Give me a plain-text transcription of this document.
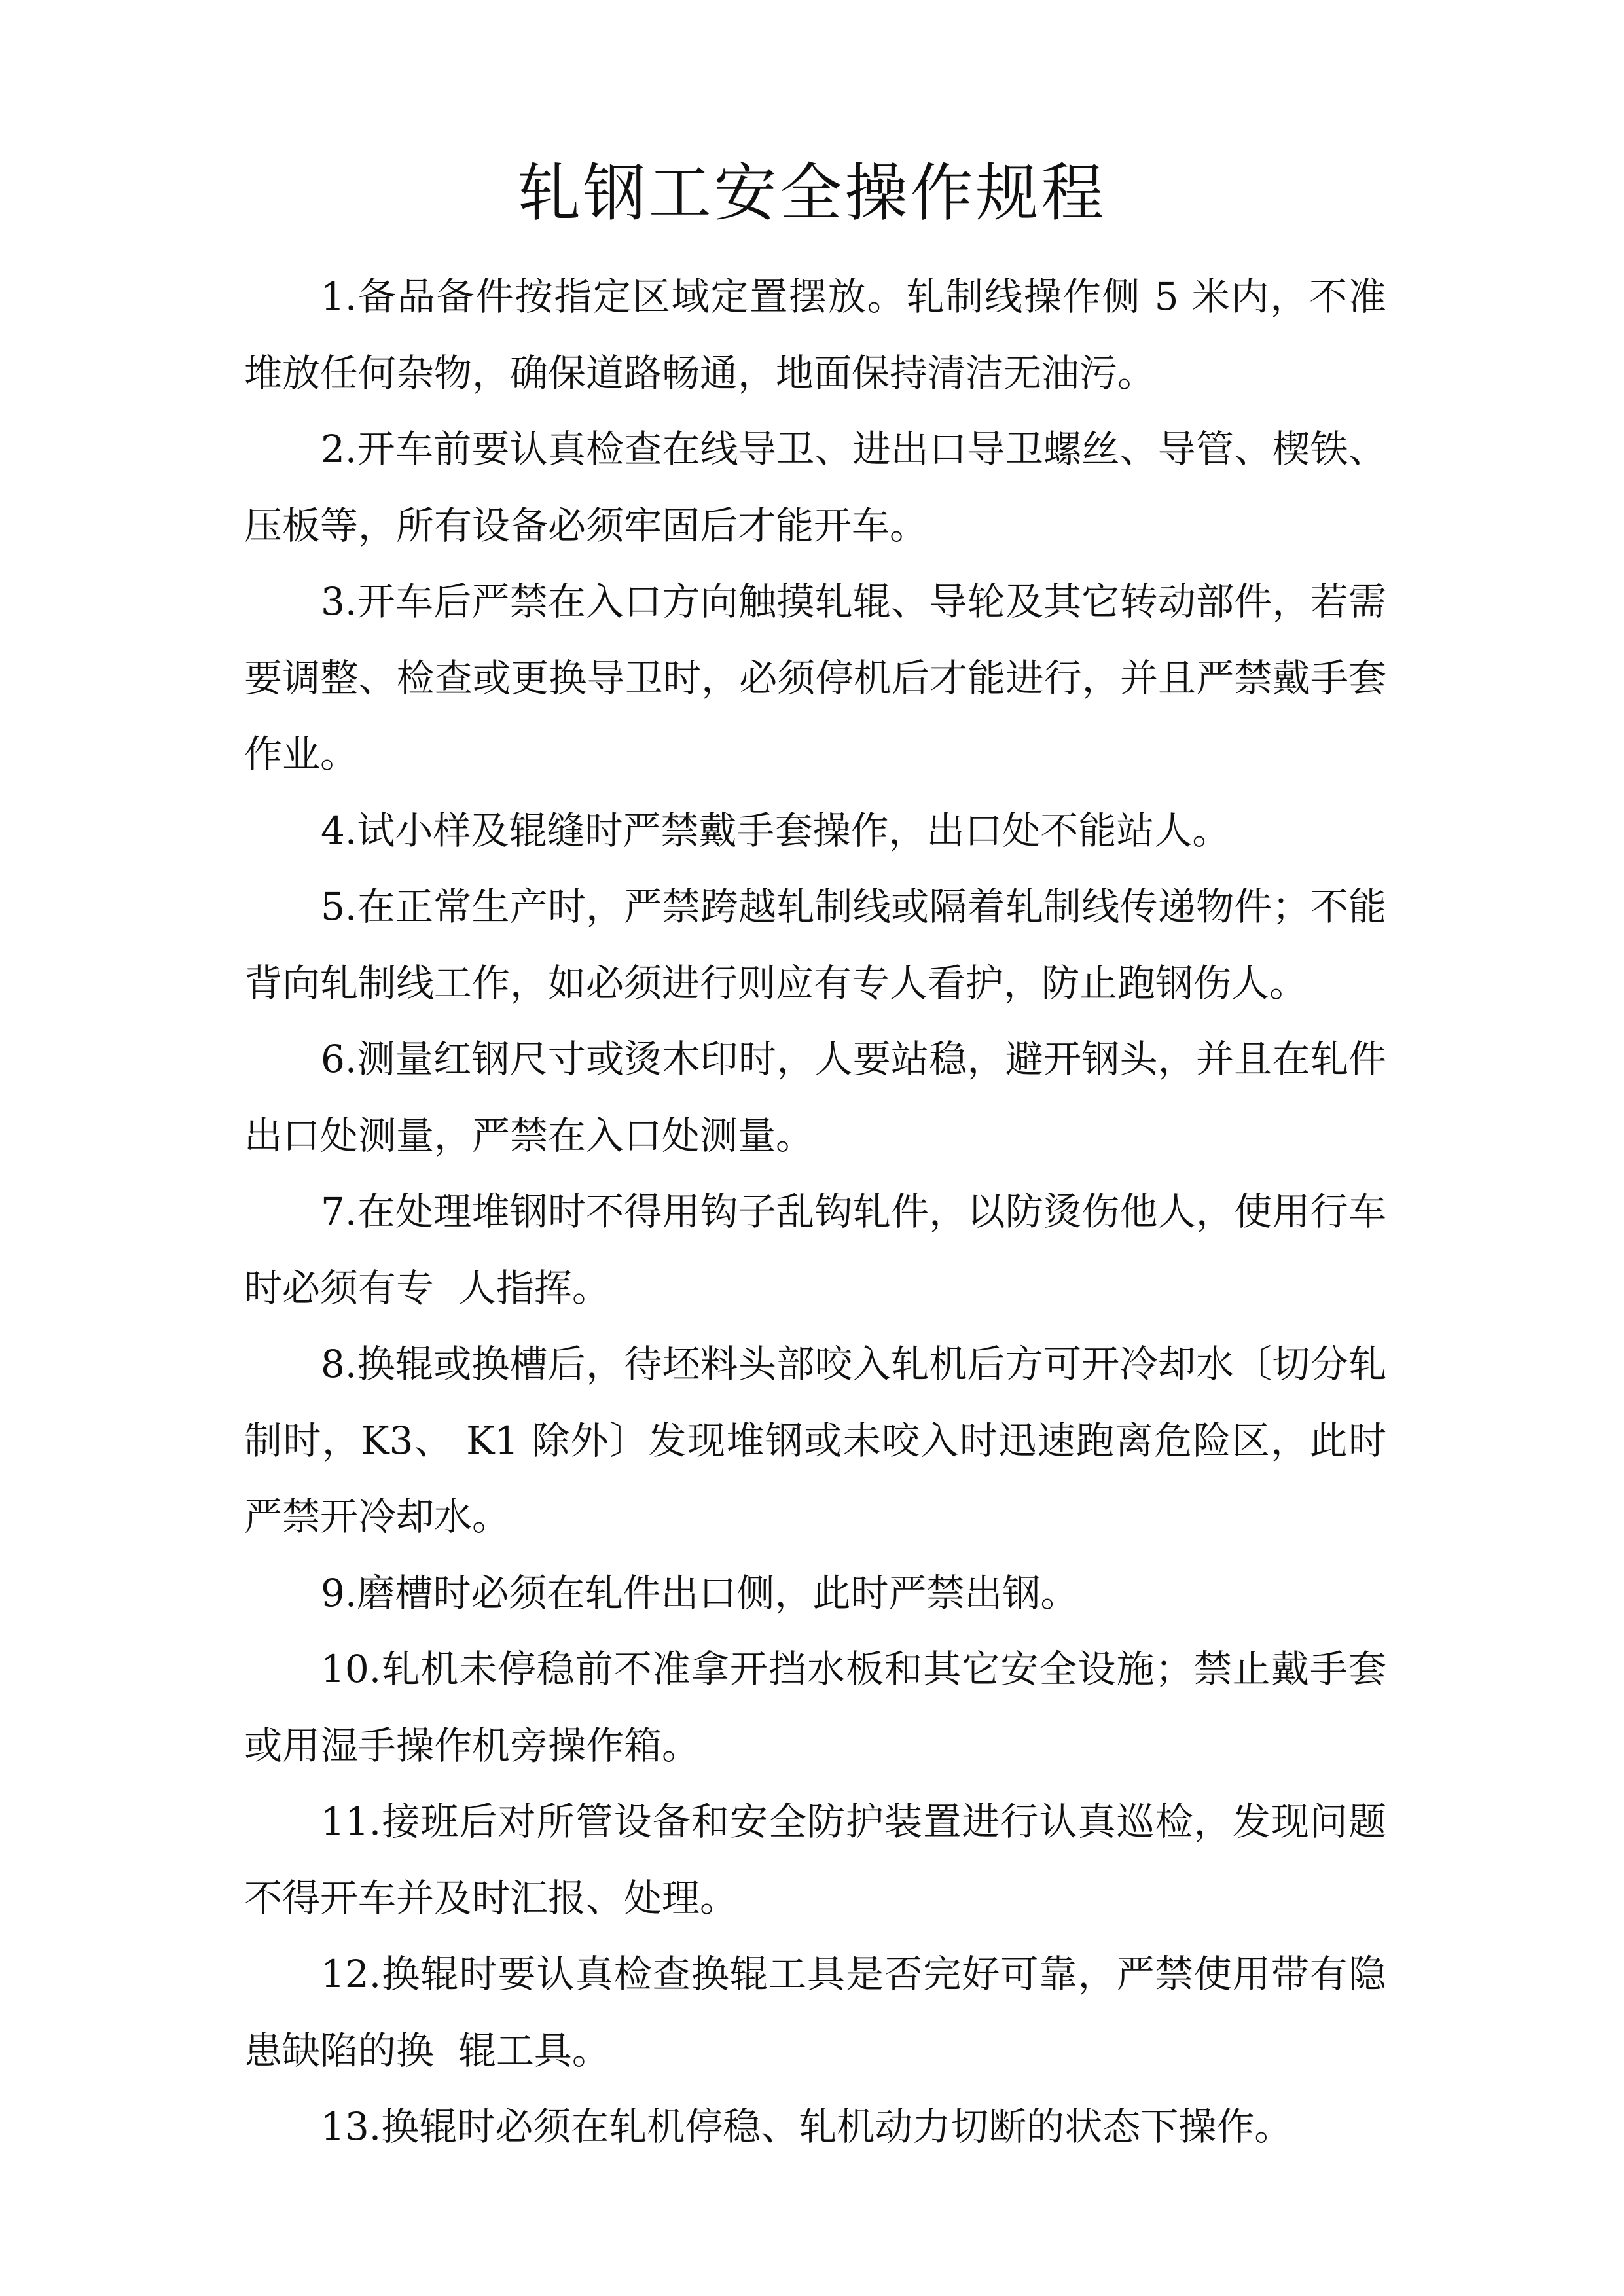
轧钢工安全操作规程

1.备品备件按指定区域定置摆放。轧制线操作侧 5 米内，不准堆放任何杂物，确保道路畅通，地面保持清洁无油污。

2.开车前要认真检查在线导卫、进出口导卫螺丝、导管、楔铁、压板等，所有设备必须牢固后才能开车。

3.开车后严禁在入口方向触摸轧辊、导轮及其它转动部件，若需要调整、检查或更换导卫时，必须停机后才能进行，并且严禁戴手套作业。

4.试小样及辊缝时严禁戴手套操作，出口处不能站人。

5.在正常生产时，严禁跨越轧制线或隔着轧制线传递物件；不能背向轧制线工作，如必须进行则应有专人看护，防止跑钢伤人。

6.测量红钢尺寸或烫木印时，人要站稳，避开钢头，并且在轧件出口处测量，严禁在入口处测量。

7.在处理堆钢时不得用钩子乱钩轧件，以防烫伤他人，使用行车时必须有专  人指挥。

8.换辊或换槽后，待坯料头部咬入轧机后方可开冷却水〔切分轧制时，K3、 K1 除外〕发现堆钢或未咬入时迅速跑离危险区，此时严禁开冷却水。

9.磨槽时必须在轧件出口侧，此时严禁出钢。

10.轧机未停稳前不准拿开挡水板和其它安全设施；禁止戴手套或用湿手操作机旁操作箱。

11.接班后对所管设备和安全防护装置进行认真巡检，发现问题不得开车并及时汇报、处理。

12.换辊时要认真检查换辊工具是否完好可靠，严禁使用带有隐患缺陷的换  辊工具。

13.换辊时必须在轧机停稳、轧机动力切断的状态下操作。
